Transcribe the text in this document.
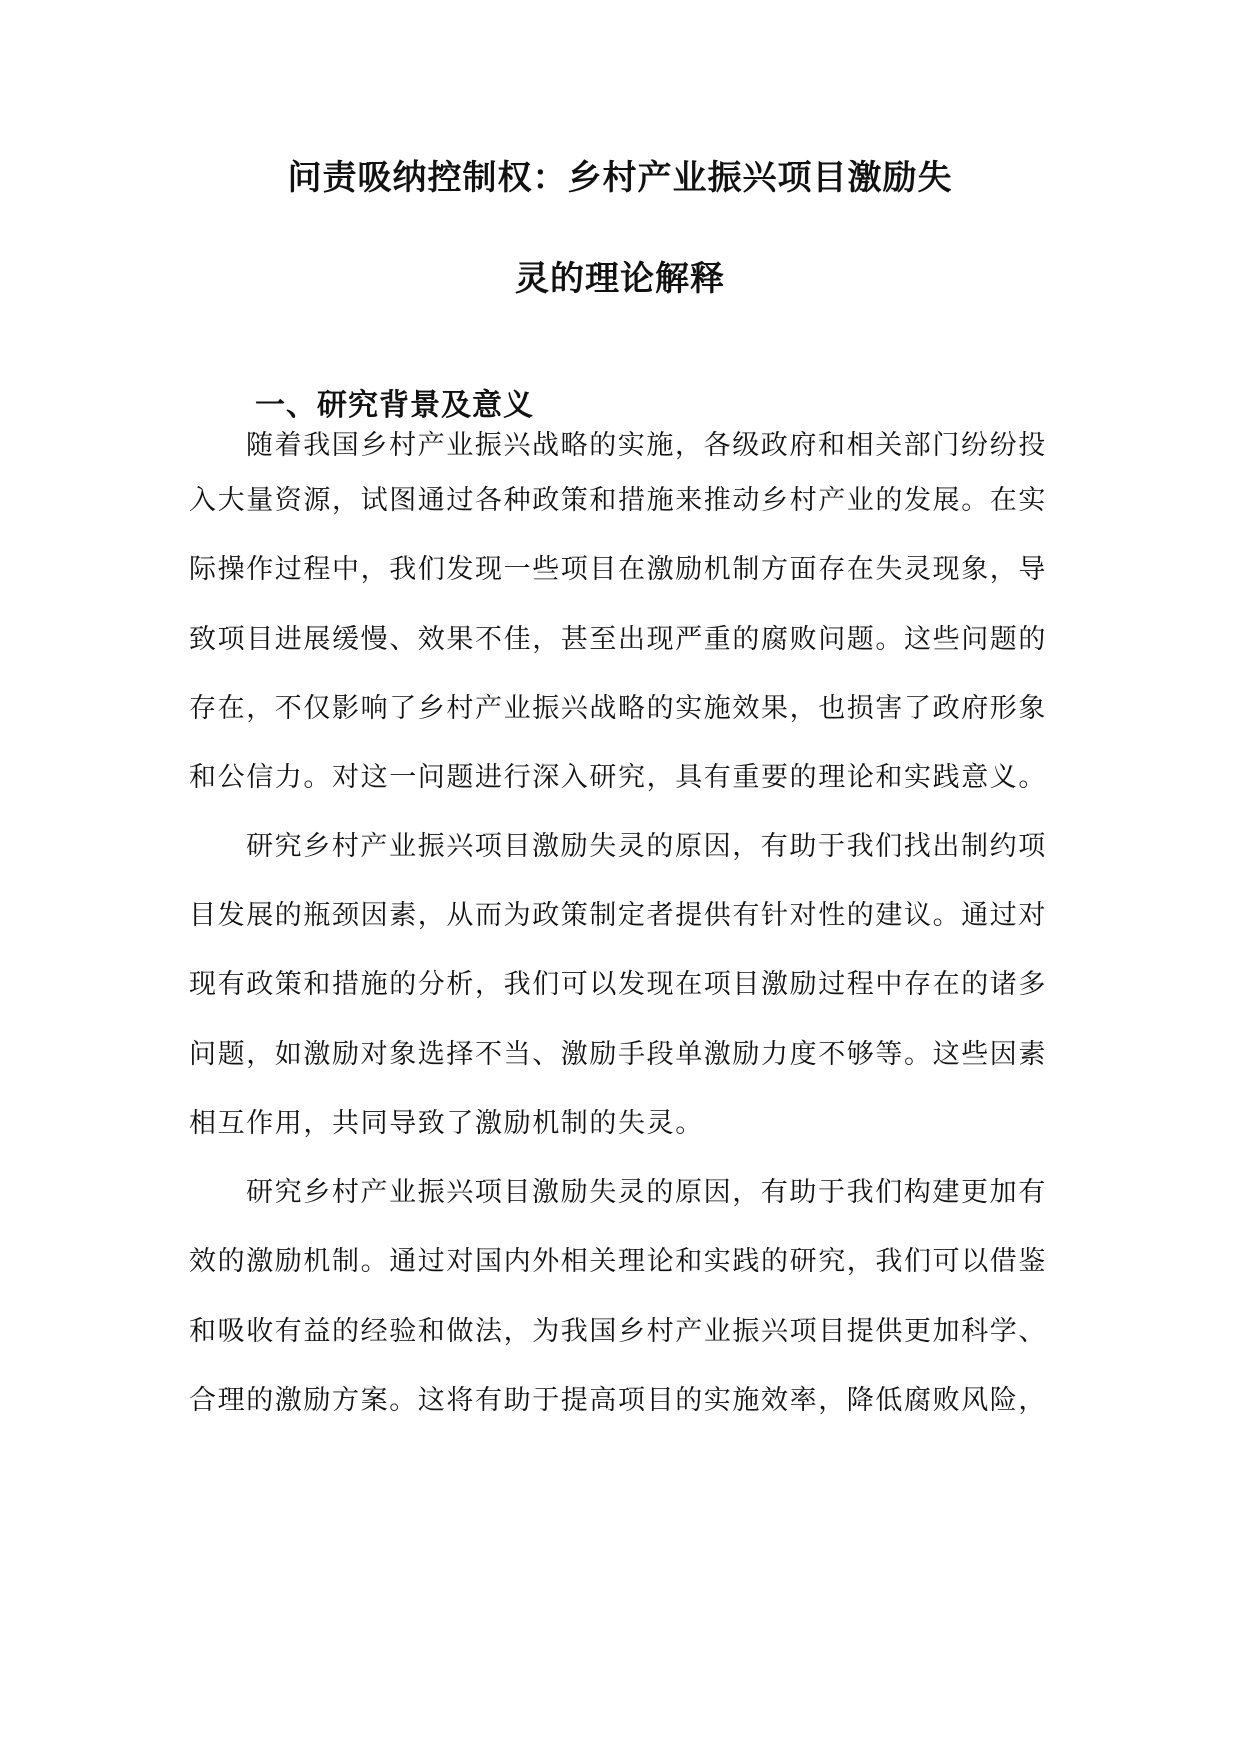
问责吸纳控制权：乡村产业振兴项目激励失
灵的理论解释
一、研究背景及意义
随着我国乡村产业振兴战略的实施，各级政府和相关部门纷纷投
入大量资源，试图通过各种政策和措施来推动乡村产业的发展。在实
际操作过程中，我们发现一些项目在激励机制方面存在失灵现象，导
致项目进展缓慢、效果不佳，甚至出现严重的腐败问题。这些问题的
存在，不仅影响了乡村产业振兴战略的实施效果，也损害了政府形象
和公信力。对这一问题进行深入研究，具有重要的理论和实践意义。
研究乡村产业振兴项目激励失灵的原因，有助于我们找出制约项
目发展的瓶颈因素，从而为政策制定者提供有针对性的建议。通过对
现有政策和措施的分析，我们可以发现在项目激励过程中存在的诸多
问题，如激励对象选择不当、激励手段单激励力度不够等。这些因素
相互作用，共同导致了激励机制的失灵。
研究乡村产业振兴项目激励失灵的原因，有助于我们构建更加有
效的激励机制。通过对国内外相关理论和实践的研究，我们可以借鉴
和吸收有益的经验和做法，为我国乡村产业振兴项目提供更加科学、
合理的激励方案。这将有助于提高项目的实施效率，降低腐败风险，
